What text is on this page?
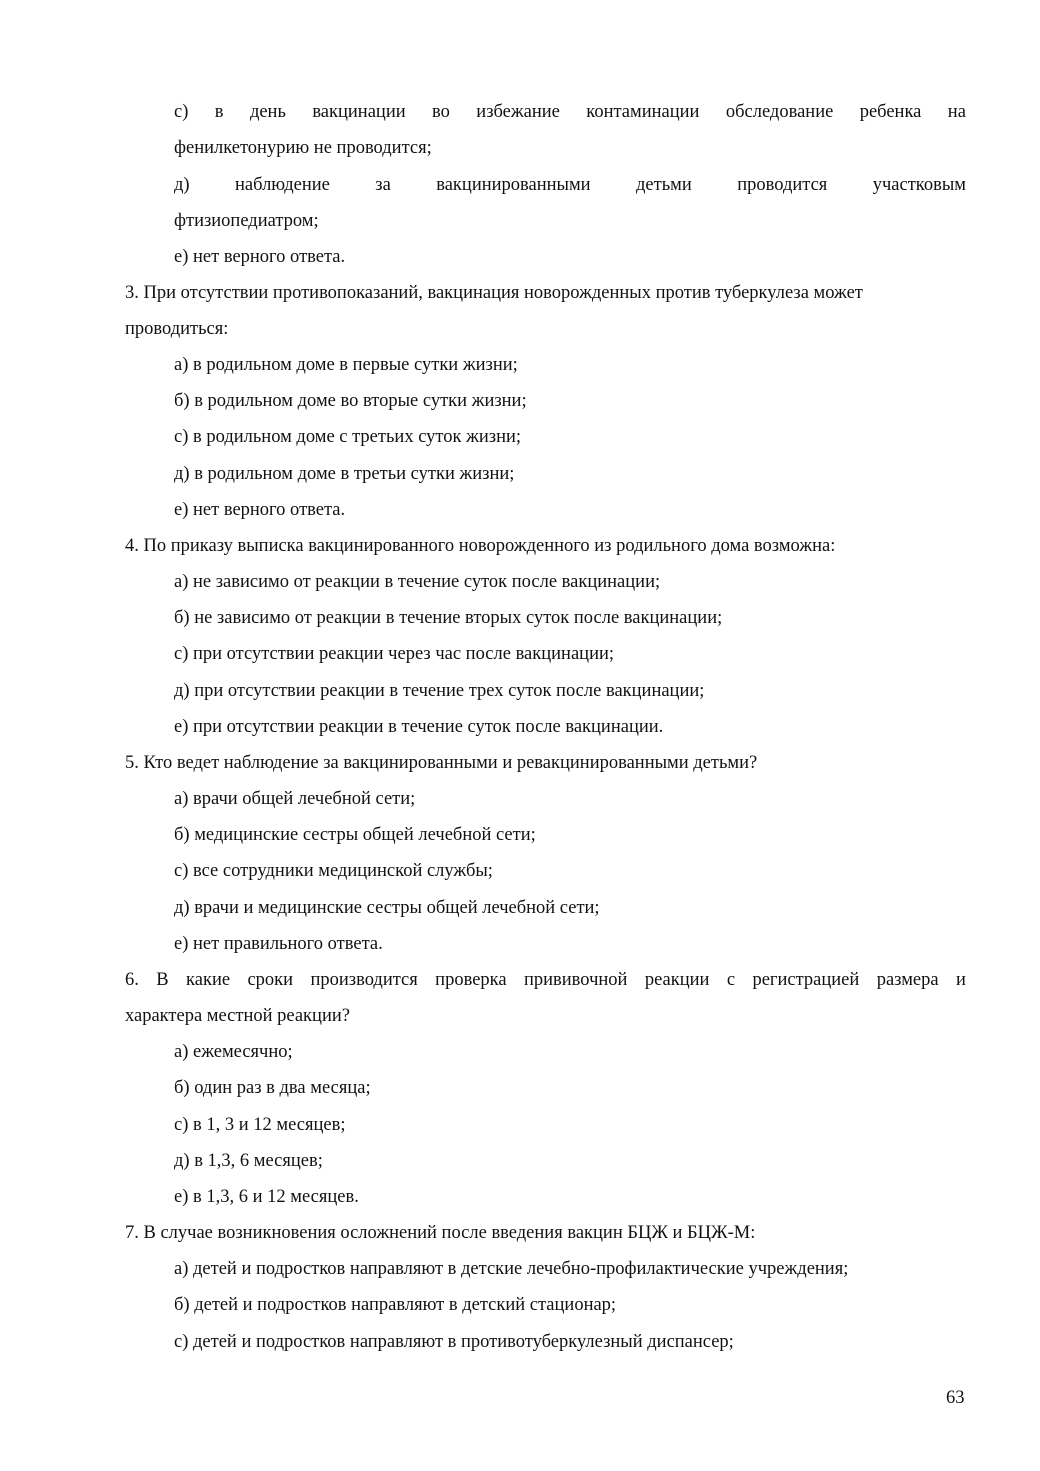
с) в день вакцинации во избежание контаминации обследование ребенка на
фенилкетонурию не проводится;
д) наблюдение за вакцинированными детьми проводится участковым
фтизиопедиатром;
е) нет верного ответа.
3. При отсутствии противопоказаний, вакцинация новорожденных против туберкулеза может
проводиться:
а) в родильном доме в первые сутки жизни;
б) в родильном доме во вторые сутки жизни;
с) в родильном доме с третьих суток жизни;
д) в родильном доме в третьи сутки жизни;
е) нет верного ответа.
4. По приказу выписка вакцинированного новорожденного из родильного дома возможна:
а) не зависимо от реакции в течение суток после вакцинации;
б) не зависимо от реакции в течение вторых суток после вакцинации;
с) при отсутствии реакции через час после вакцинации;
д) при отсутствии реакции в течение трех суток после вакцинации;
е) при отсутствии реакции в течение суток после вакцинации.
5. Кто ведет наблюдение за вакцинированными и ревакцинированными детьми?
а) врачи общей лечебной сети;
б) медицинские сестры общей лечебной сети;
с) все сотрудники медицинской службы;
д) врачи и медицинские сестры общей лечебной сети;
е) нет правильного ответа.
6. В какие сроки производится проверка прививочной реакции с регистрацией размера и
характера местной реакции?
а) ежемесячно;
б) один раз в два месяца;
с) в 1, 3 и 12 месяцев;
д) в 1,3, 6 месяцев;
е) в 1,3, 6 и 12 месяцев.
7. В случае возникновения осложнений после введения вакцин БЦЖ и БЦЖ-М:
а) детей и подростков направляют в детские лечебно-профилактические учреждения;
б) детей и подростков направляют в детский стационар;
с) детей и подростков направляют в противотуберкулезный диспансер;
63
